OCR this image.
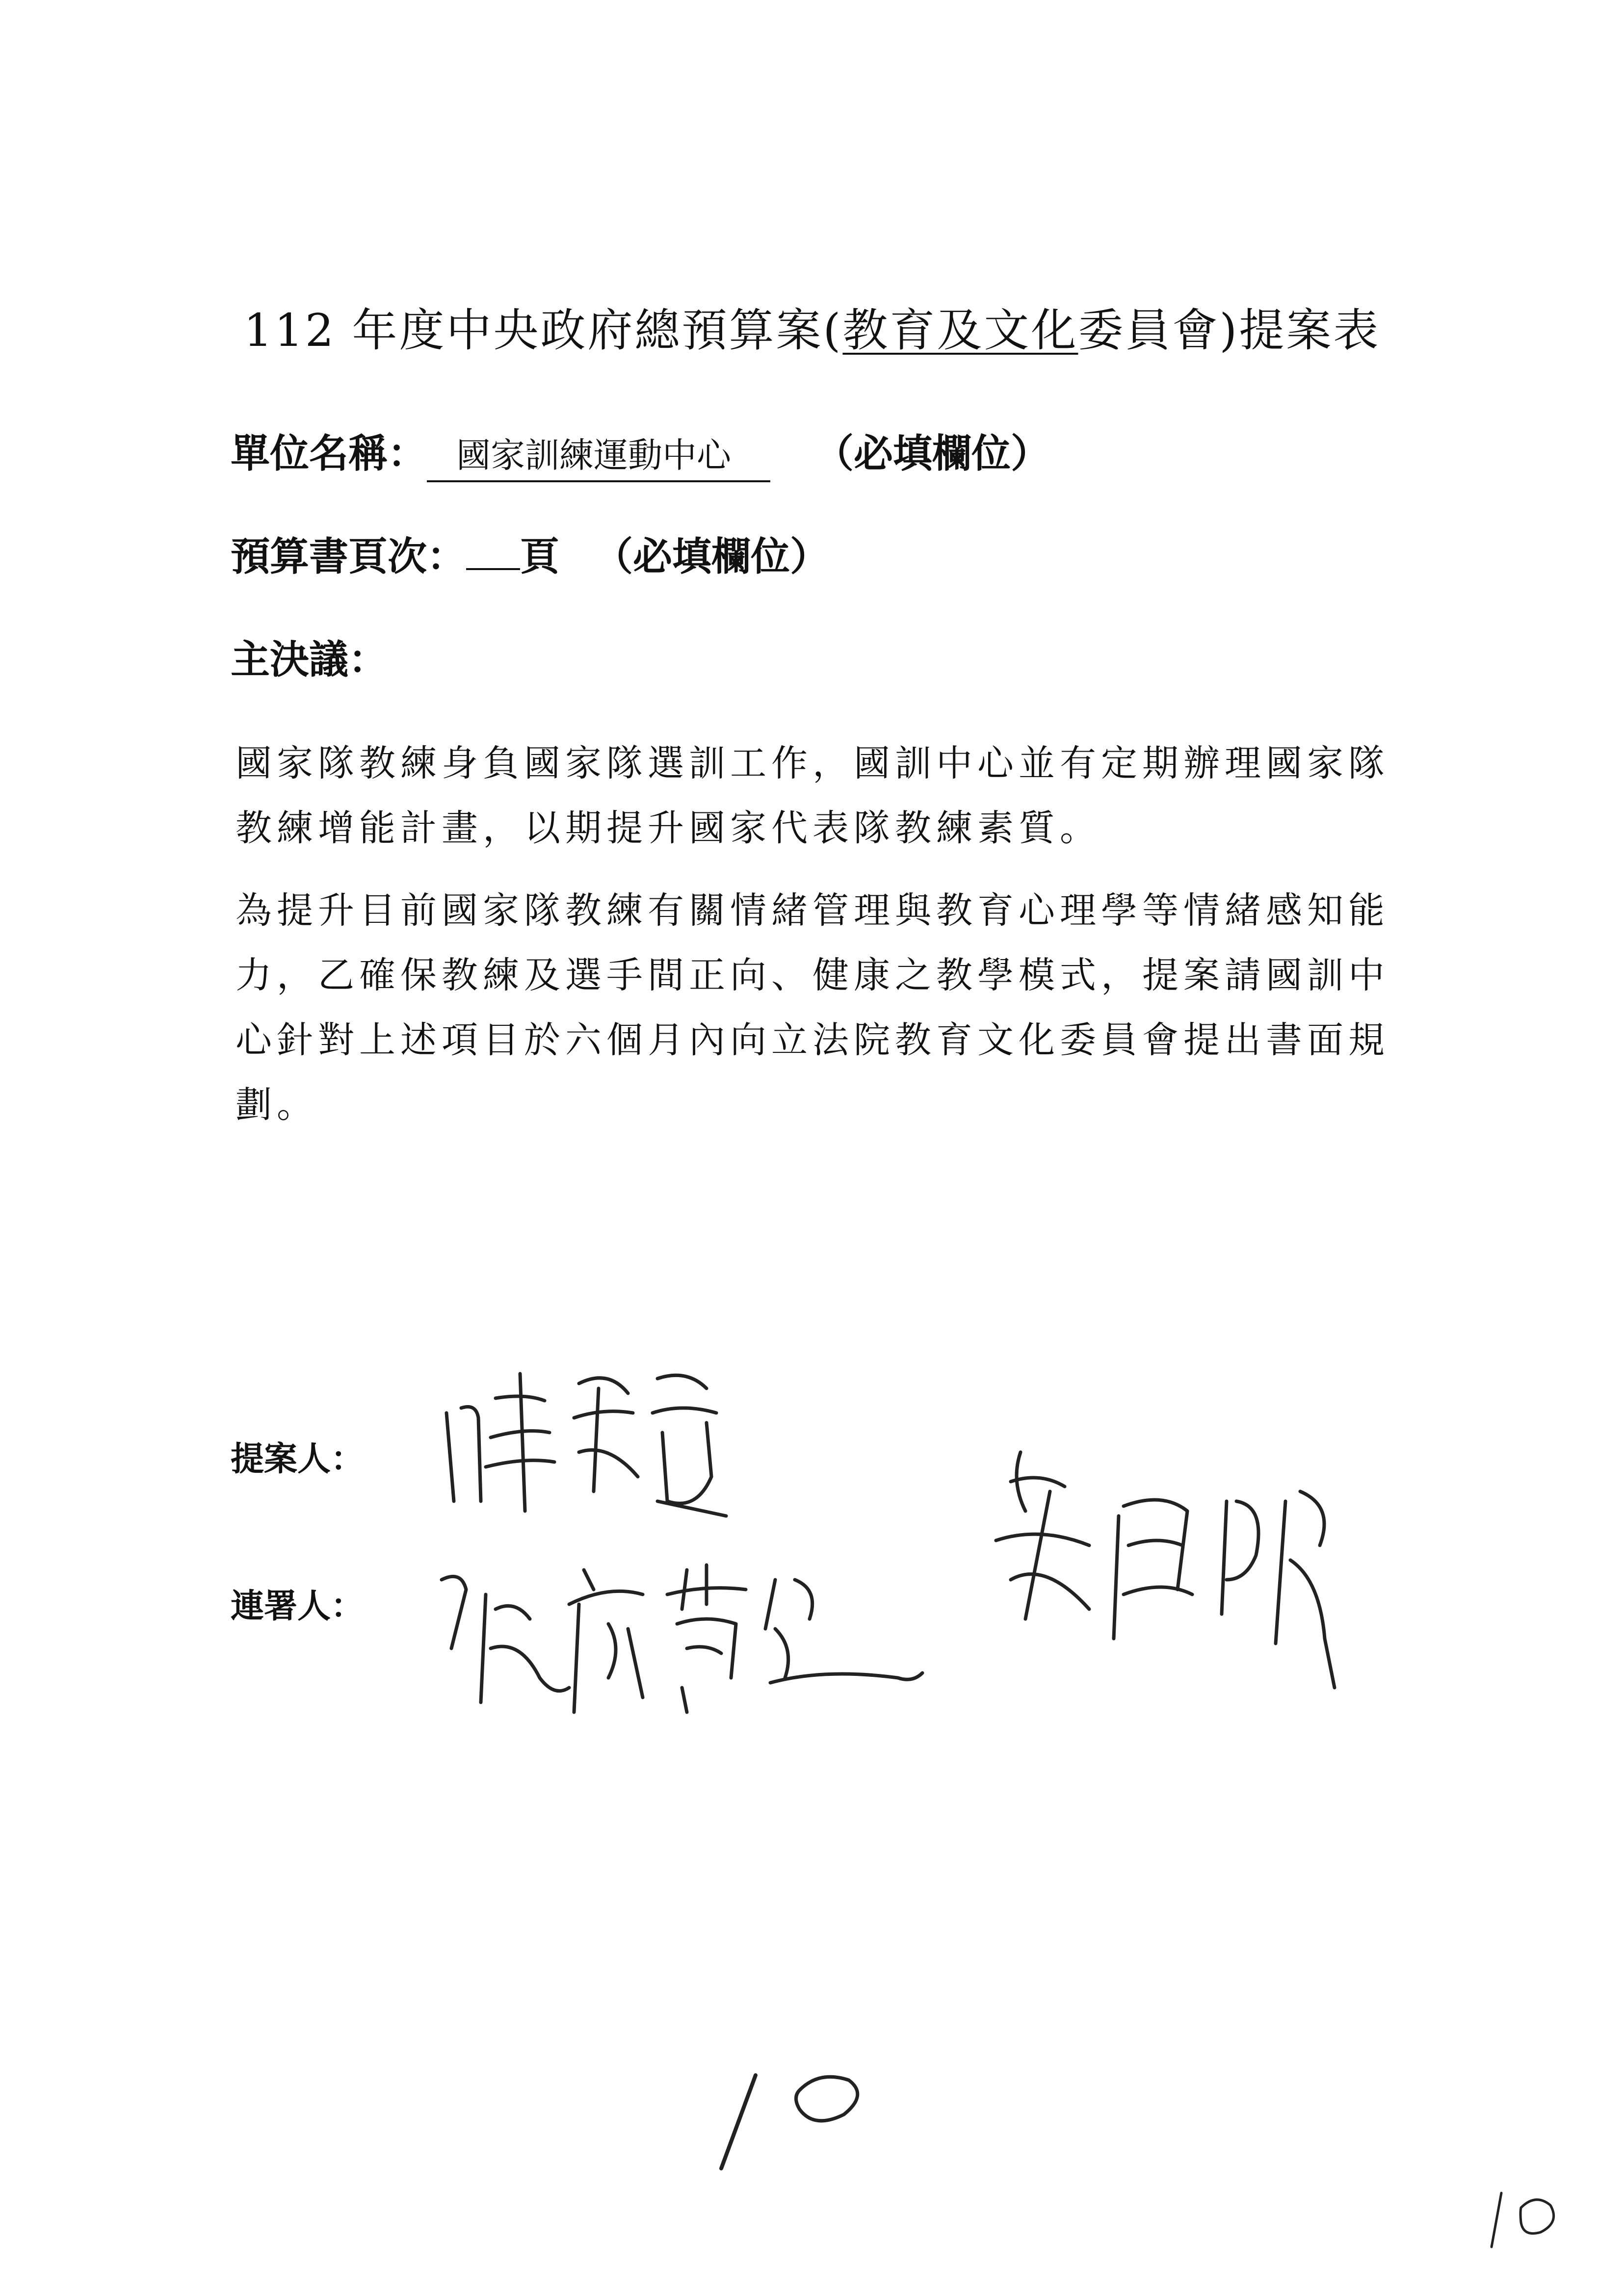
112 年度中央政府總預算案(教育及文化委員會)提案表
單位名稱： 國家訓練運動中心 （必填欄位）
預算書頁次： 頁 （必填欄位）
主決議：
國家隊教練身負國家隊選訓工作，國訓中心並有定期辦理國家隊教練增能計畫，以期提升國家代表隊教練素質。
為提升目前國家隊教練有關情緒管理與教育心理學等情緒感知能力，乙確保教練及選手間正向、健康之教學模式，提案請國訓中心針對上述項目於六個月內向立法院教育文化委員會提出書面規劃。
提案人：
連署人：
